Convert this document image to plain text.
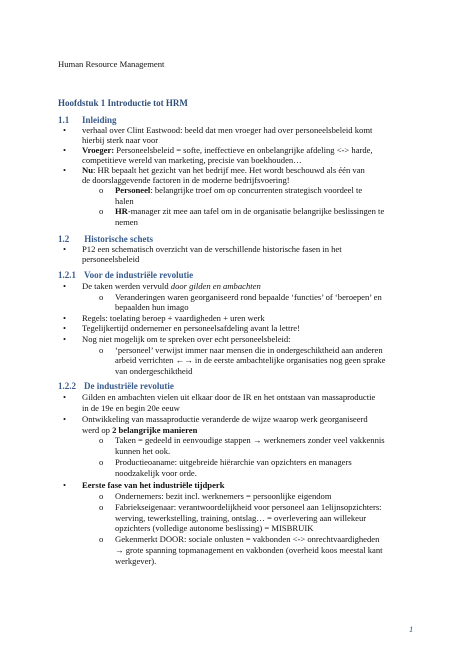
Human Resource Management
Hoofdstuk 1 Introductie tot HRM
1.1 Inleiding
• verhaal over Clint Eastwood: beeld dat men vroeger had over personeelsbeleid komt
hierbij sterk naar voor
• Vroeger: Personeelsbeleid = softe, ineffectieve en onbelangrijke afdeling <-> harde,
competitieve wereld van marketing, precisie van boekhouden…
• Nu: HR bepaalt het gezicht van het bedrijf mee. Het wordt beschouwd als één van
de doorslaggevende factoren in de moderne bedrijfsvoering!
o Personeel: belangrijke troef om op concurrenten strategisch voordeel te
halen
o HR-manager zit mee aan tafel om in de organisatie belangrijke beslissingen te
nemen
1.2 Historische schets
• P12 een schematisch overzicht van de verschillende historische fasen in het
personeelsbeleid
1.2.1 Voor de industriële revolutie
• De taken werden vervuld door gilden en ambachten
o Veranderingen waren georganiseerd rond bepaalde ‘functies’ of ‘beroepen’ en
bepaalden hun imago
• Regels: toelating beroep + vaardigheden + uren werk
• Tegelijkertijd ondernemer en personeelsafdeling avant la lettre!
• Nog niet mogelijk om te spreken over echt personeelsbeleid:
o ‘personeel’ verwijst immer naar mensen die in ondergeschiktheid aan anderen
arbeid verrichten ←→ in de eerste ambachtelijke organisaties nog geen sprake
van ondergeschiktheid
1.2.2 De industriële revolutie
• Gilden en ambachten vielen uit elkaar door de IR en het ontstaan van massaproductie
in de 19e en begin 20e eeuw
• Ontwikkeling van massaproductie veranderde de wijze waarop werk georganiseerd
werd op 2 belangrijke manieren
o Taken = gedeeld in eenvoudige stappen → werknemers zonder veel vakkennis
kunnen het ook.
o Productieoaname: uitgebreide hiërarchie van opzichters en managers
noodzakelijk voor orde.
• Eerste fase van het industriële tijdperk
o Ondernemers: bezit incl. werknemers = persoonlijke eigendom
o Fabrieksеigenaar: verantwoordelijkheid voor personeel aan 1elijnsopzichters:
werving, tewerkstelling, training, ontslag… = overlevering aan willekeur
opzichters (volledige autonome beslissing) = MISBRUIK
o Gekenmerkt DOOR: sociale onlusten = vakbonden <-> onrechtvaardigheden
→ grote spanning topmanagement en vakbonden (overheid koos meestal kant
werkgever).
1
